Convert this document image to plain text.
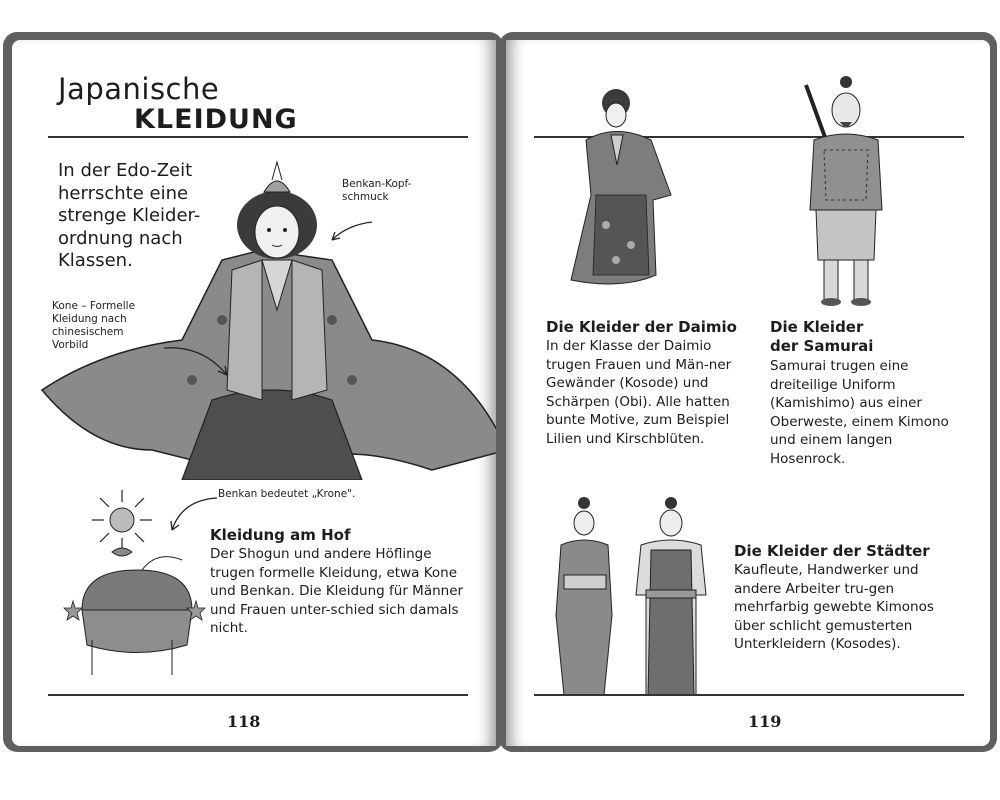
Japanische
KLEIDUNG
In der Edo-Zeit herrschte eine strenge Kleider-ordnung nach Klassen.
Benkan-Kopf-schmuck
Kone – Formelle Kleidung nach chinesischem Vorbild
Benkan bedeutet „Krone".
Kleidung am Hof
Der Shogun und andere Höflinge trugen formelle Kleidung, etwa Kone und Benkan. Die Kleidung für Männer und Frauen unter-schied sich damals nicht.
118
Die Kleider der Daimio
In der Klasse der Daimio trugen Frauen und Män-ner Gewänder (Kosode) und Schärpen (Obi). Alle hatten bunte Motive, zum Beispiel Lilien und Kirschblüten.
Die Kleider der Samurai
Samurai trugen eine dreiteilige Uniform (Kamishimo) aus einer Oberweste, einem Kimono und einem langen Hosenrock.
Die Kleider der Städter
Kaufleute, Handwerker und andere Arbeiter tru-gen mehrfarbig gewebte Kimonos über schlicht gemusterten Unterkleidern (Kosodes).
119
